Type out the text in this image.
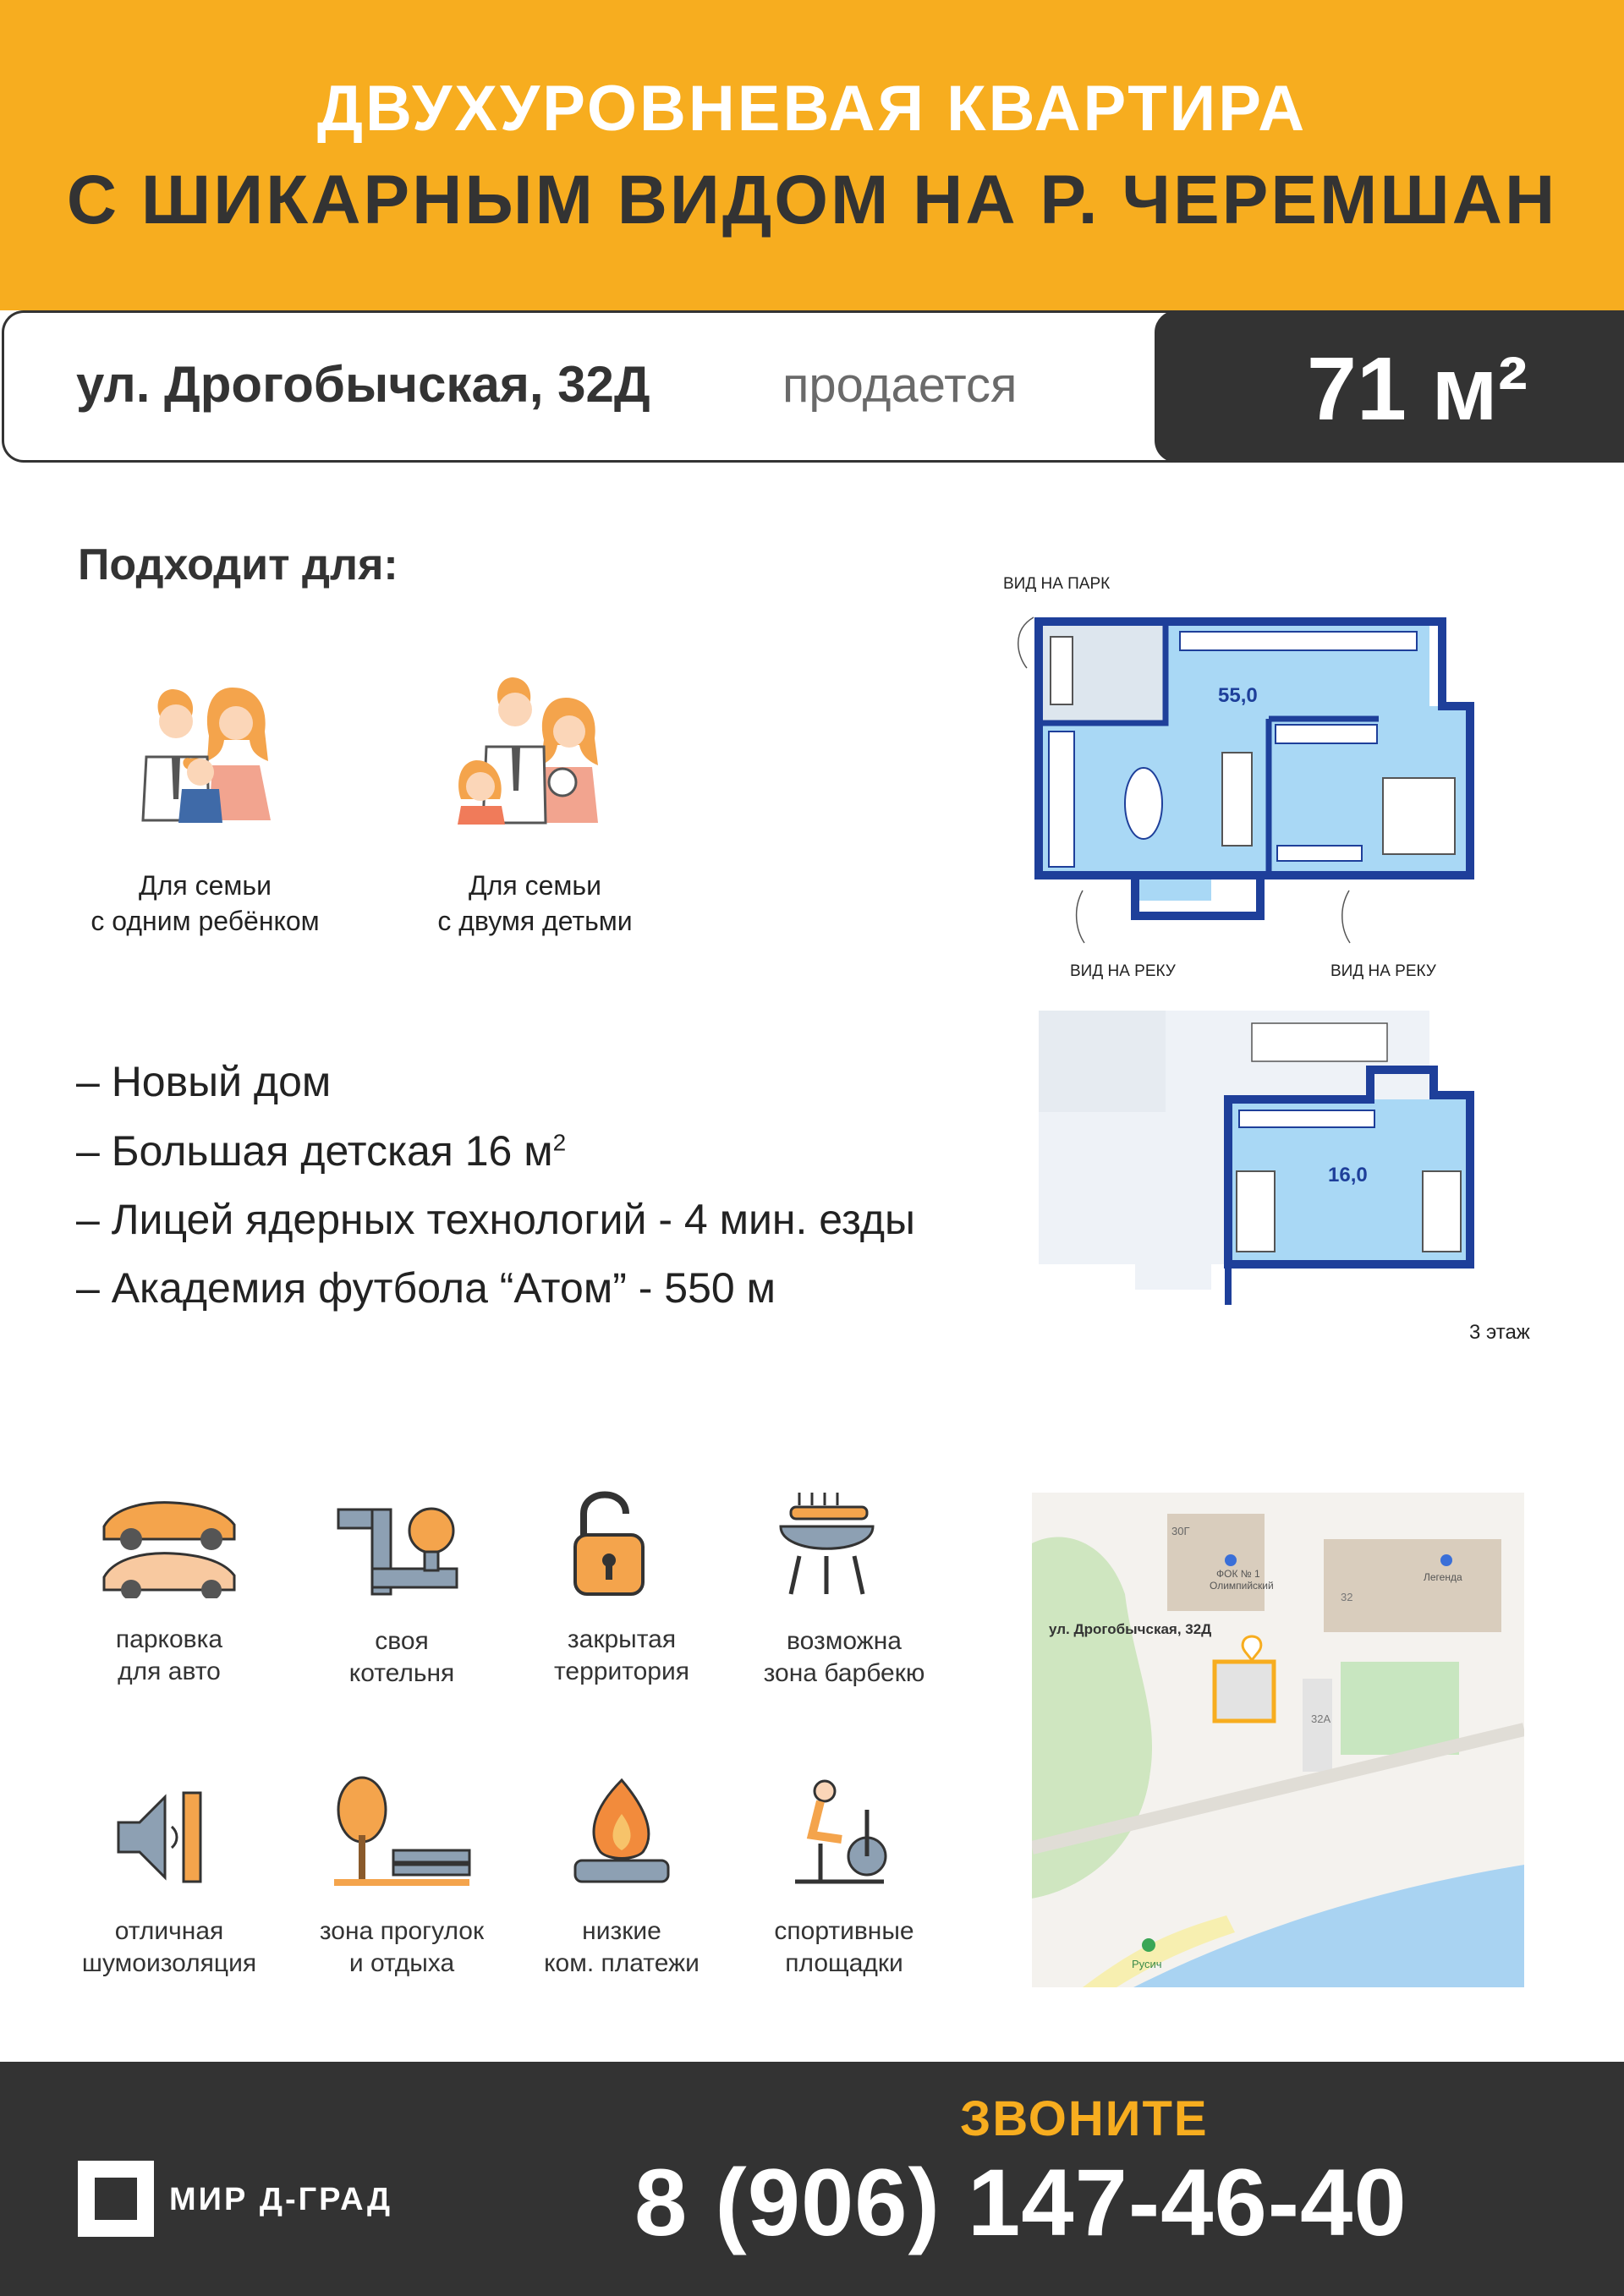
ДВУХУРОВНЕВАЯ КВАРТИРА
С ШИКАРНЫМ ВИДОМ НА Р. ЧЕРЕМШАН
ул. Дрогобычская, 32Д	продается	71 м²
Подходит для:
Для семьи
с одним ребёнком
Для семьи
с двумя детьми
– Новый дом
– Большая детская 16 $м^2$
– Лицей ядерных технологий - 4 мин. езды
– Академия футбола “Атом” - 550 м
ВИД НА ПАРК
ВИД НА РЕКУ	ВИД НА РЕКУ
55,0
16,0
3 этаж
парковка
для авто
своя
котельня
закрытая
территория
возможна
зона барбекю
отличная
шумоизоляция
зона прогулок
и отдыха
низкие
ком. платежи
спортивные
площадки
30Г
ФОК № 1
Олимпийский
32
Легенда
ул. Дрогобычская, 32Д
32А
Русич
ЗВОНИТЕ
8 (906) 147-46-40
МИР Д-ГРАД
